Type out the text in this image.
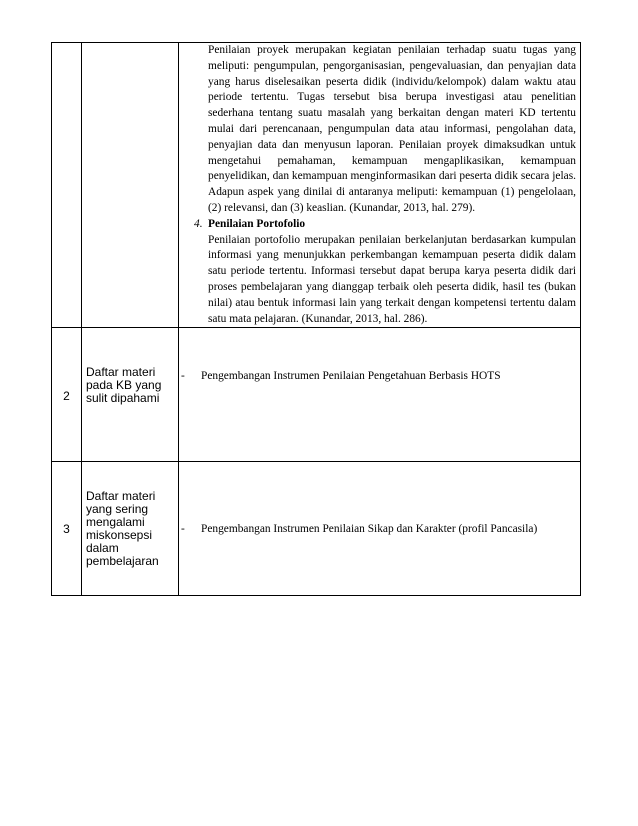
		Penilaian proyek merupakan kegiatan penilaian terhadap suatu tugas yang meliputi: pengumpulan, pengorganisasian, pengevaluasian, dan penyajian data yang harus diselesaikan peserta didik (individu/kelompok) dalam waktu atau periode tertentu. Tugas tersebut bisa berupa investigasi atau penelitian sederhana tentang suatu masalah yang berkaitan dengan materi KD tertentu mulai dari perencanaan, pengumpulan data atau informasi, pengolahan data, penyajian data dan menyusun laporan. Penilaian proyek dimaksudkan untuk mengetahui pemahaman, kemampuan mengaplikasikan, kemampuan penyelidikan, dan kemampuan menginformasikan dari peserta didik secara jelas. Adapun aspek yang dinilai di antaranya meliputi: kemampuan (1) pengelolaan, (2) relevansi, dan (3) keaslian. (Kunandar, 2013, hal. 279).

4. Penilaian Portofolio

Penilaian portofolio merupakan penilaian berkelanjutan berdasarkan kumpulan informasi yang menunjukkan perkembangan kemampuan peserta didik dalam satu periode tertentu. Informasi tersebut dapat berupa karya peserta didik dari proses pembelajaran yang dianggap terbaik oleh peserta didik, hasil tes (bukan nilai) atau bentuk informasi lain yang terkait dengan kompetensi tertentu dalam satu mata pelajaran. (Kunandar, 2013, hal. 286).

2	Daftar materi pada KB yang sulit dipahami	- Pengembangan Instrumen Penilaian Pengetahuan Berbasis HOTS

3	Daftar materi yang sering mengalami miskonsepsi dalam pembelajaran	- Pengembangan Instrumen Penilaian Sikap dan Karakter (profil Pancasila)
